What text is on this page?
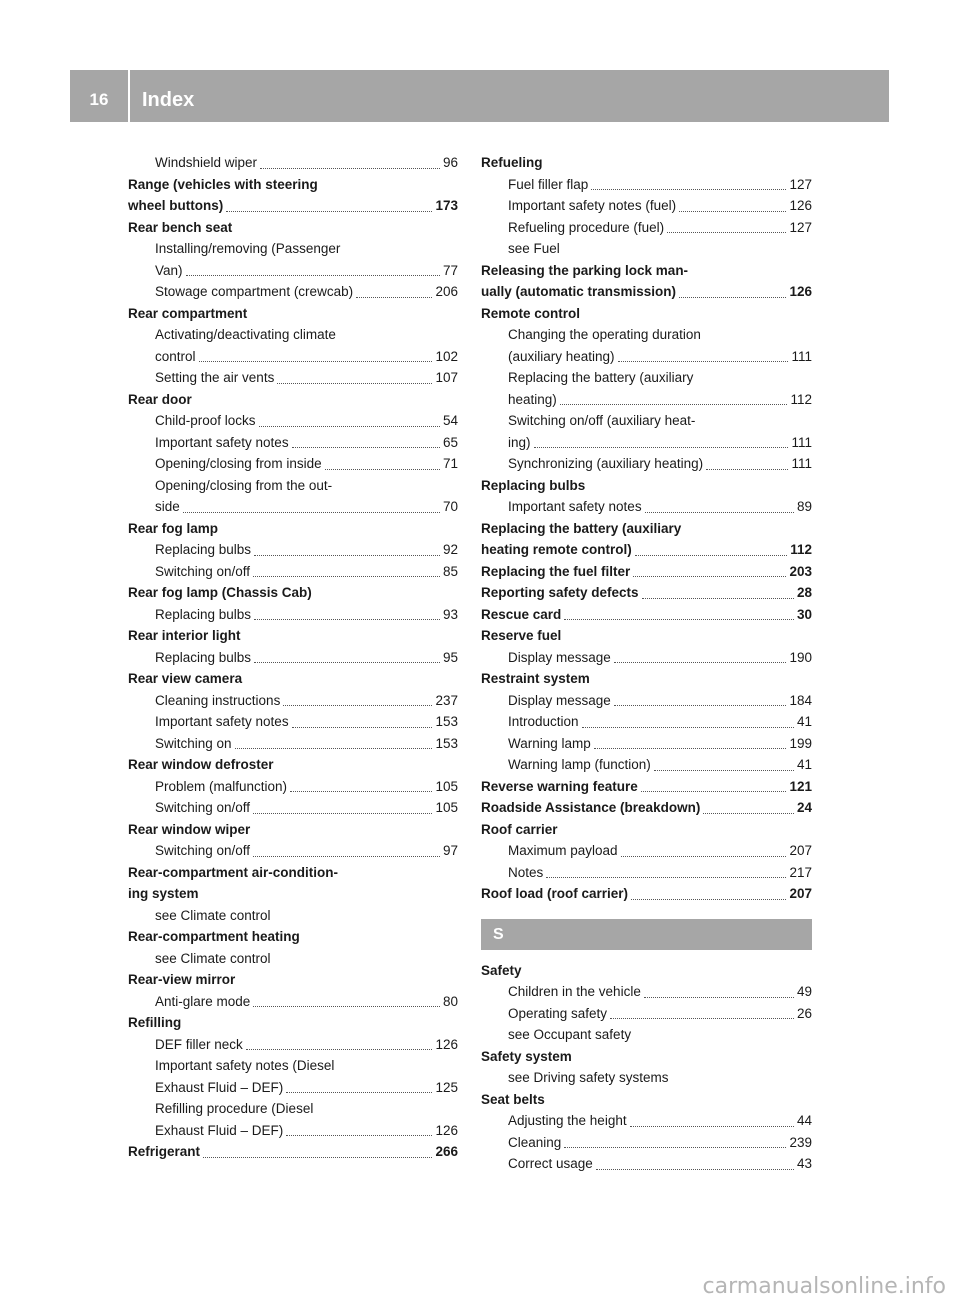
16	Index
Windshield wiper	96
Range (vehicles with steering
wheel buttons)	173
Rear bench seat
Installing/removing (Passenger
Van)	77
Stowage compartment (crewcab)	206
Rear compartment
Activating/deactivating climate
control	102
Setting the air vents	107
Rear door
Child-proof locks	54
Important safety notes	65
Opening/closing from inside	71
Opening/closing from the out-
side	70
Rear fog lamp
Replacing bulbs	92
Switching on/off	85
Rear fog lamp (Chassis Cab)
Replacing bulbs	93
Rear interior light
Replacing bulbs	95
Rear view camera
Cleaning instructions	237
Important safety notes	153
Switching on	153
Rear window defroster
Problem (malfunction)	105
Switching on/off	105
Rear window wiper
Switching on/off	97
Rear-compartment air-condition-
ing system
see Climate control
Rear-compartment heating
see Climate control
Rear-view mirror
Anti-glare mode	80
Refilling
DEF filler neck	126
Important safety notes (Diesel
Exhaust Fluid – DEF)	125
Refilling procedure (Diesel
Exhaust Fluid – DEF)	126
Refrigerant	266
Refueling
Fuel filler flap	127
Important safety notes (fuel)	126
Refueling procedure (fuel)	127
see Fuel
Releasing the parking lock man-
ually (automatic transmission)	126
Remote control
Changing the operating duration
(auxiliary heating)	111
Replacing the battery (auxiliary
heating)	112
Switching on/off (auxiliary heat-
ing)	111
Synchronizing (auxiliary heating)	111
Replacing bulbs
Important safety notes	89
Replacing the battery (auxiliary
heating remote control)	112
Replacing the fuel filter	203
Reporting safety defects	28
Rescue card	30
Reserve fuel
Display message	190
Restraint system
Display message	184
Introduction	41
Warning lamp	199
Warning lamp (function)	41
Reverse warning feature	121
Roadside Assistance (breakdown)	24
Roof carrier
Maximum payload	207
Notes	217
Roof load (roof carrier)	207
S
Safety
Children in the vehicle	49
Operating safety	26
see Occupant safety
Safety system
see Driving safety systems
Seat belts
Adjusting the height	44
Cleaning	239
Correct usage	43
carmanualsonline.info
